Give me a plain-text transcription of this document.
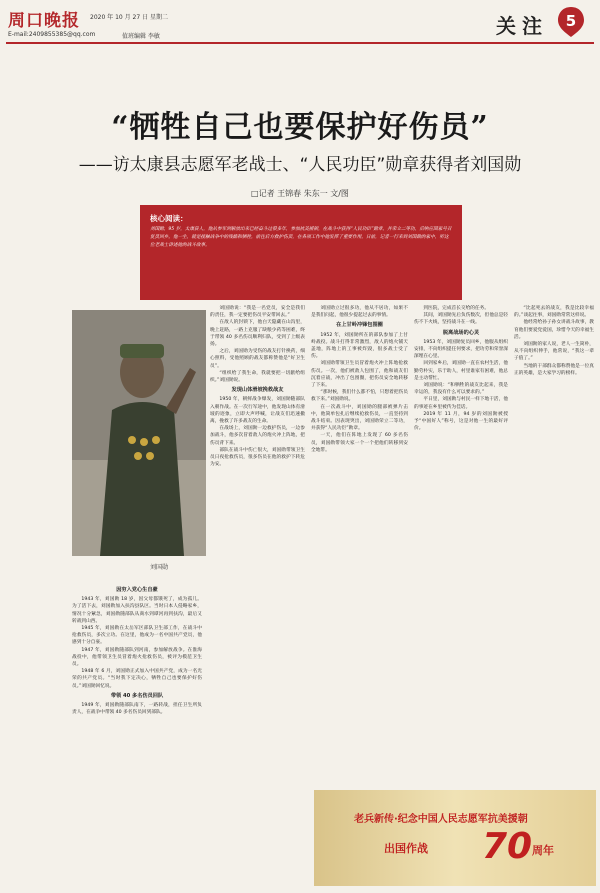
周口晚报 2020 年 10 月 27 日 星期二
E-mail:2409855385@qq.com	值班编辑 李敏	关注 5
“牺牲自己也要保护好伤员”
——访太康县志愿军老战士、“人民功臣”勋章获得者刘国勋
□记者 王锦春 朱东一 文/图
核心阅读：
刘国勋，95 岁，太康县人，他从参军到解放出来已经奋斗过很多年，参加抗美援朝，在战斗中获得“人民功臣”勋章，并荣立二等功，后响应国家号召复员回乡。他一生，就是接触战争中的残酷和牺牲，前往后方救护伤员，在各项工作中他发挥了重要作用。日前，记者一行来到刘国勋的家中，听这位老战士讲述他的战斗故事。
刘国勋

因穷入党心生自豪

1943 年，刘国勋 18 岁，因父母都饿死了，成为孤儿。为了活下去，刘国勋加入扶沟县队区。当时日本人侵略家乡，情况十分紧急，刘国勋随部队从商水到谭河再到扶沟，最后又转战到山西。

1945 年，刘国勋在太岳军区部队卫生部工作，在战斗中抢救伤员，多次立功。在这里，他成为一名中国共产党员，他感到十分自豪。

1947 年，刘国勋随部队到河南，参加解放战争。在淮海战役中，他带领卫生员冒着炮火抢救伤员，被评为模范卫生员。

1948 年 6 月，刘国勋正式加入中国共产党，成为一名光荣的共产党员。“当时我下定决心，牺牲自己也要保护好伤员。”刘国勋回忆说。

带领 40 多名伤员回队

1949 年，刘国勋随部队南下，一路转战，担任卫生所负责人，在战争中带领 40 多名伤员回到部队。

刘国勋说：“我是一名党员，安全是我们的责任，我一定要把伤员平安带回去。”

在敌人的封锁下，他白天隐藏在山沟里，晚上赶路，一路上克服了缺粮少药等困难，终于带领 40 多名伤员顺利归队，受到了上级表扬。

之后，刘国勋为受伤的战友打针换药，细心照料，受他照顾的战友都称赞他是“好卫生员”。

“组织给了我生命，我就要把一切献给组织。”刘国勋说。

发现山体滑坡挽救战友

1950 年，朝鲜战争爆发，刘国勋随部队入朝作战。在一次行军途中，他发现山体有滑坡的迹象，立即大声呼喊，让战友们迅速撤离，挽救了许多战友的生命。

在战场上，刘国勋一边救护伤员，一边参加战斗，他多次冒着敌人的炮火冲上阵地，把伤员背下来。

部队在战斗中伤亡很大，刘国勋带领卫生员日夜抢救伤员，很多伤员在他的救护下转危为安。

刘国勋立过很多功，他从不居功，如果不是我们问起，他很少提起过去的事情。

在上甘岭冲锋包围圈

1952 年，刘国勋所在的部队参加了上甘岭战役。战斗打得非常激烈，敌人的炮火铺天盖地，阵地上的工事被炸毁，很多战士受了伤。

刘国勋带领卫生员冒着炮火冲上阵地抢救伤员。一次，他们被敌人包围了，他和战友们沉着应战，冲出了包围圈，把伤员安全地转移了下来。

“那时候，我们什么都不怕，只想着把伤员救下来。”刘国勋说。

在一次战斗中，刘国勋的腿部被弹片击中，他简单包扎后继续抢救伤员，一直坚持到战斗结束。因表现突出，刘国勋荣立二等功，并获得“人民功臣”勋章。

一天，他们在阵地上发现了 60 多名伤员，刘国勋带领大家一个一个把他们转移到安全地带。

到医院，完成首长交给的任务。

其间，刘国勋先后负伤数次，但他总是轻伤不下火线，坚持战斗在一线。

脱离战场的心灵

1953 年，刘国勋复员回乡，他服从组织安排，不向组织提任何要求，把功劳和荣誉深深埋在心里。

回到家乡后，刘国勋一直在农村生活，他勤劳朴实，乐于助人，村里谁家有困难，他总是主动帮忙。

刘国勋说：“和牺牲的战友比起来，我是幸运的，我没有什么可以要求的。”

平日里，刘国勋与村民一样下地干活，他的事迹在乡里被传为佳话。

2019 年 11 月，94 岁的刘国勋被授予“中国好人”称号，这是对他一生的最好评价。

“比起死去的战友，我是比较幸福的。”谈起往事，刘国勋常常这样说。

他经常给孙子孙女讲战斗故事，教育他们要爱党爱国，珍惜今天的幸福生活。

刘国勋的家人说，老人一生简朴，从不向组织伸手，他常说，“我这一辈子值了。”

当地的干部群众都称赞他是一位真正的英雄，是大家学习的榜样。

老兵新传·纪念中国人民志愿军抗美援朝
出国作战 70 周年
